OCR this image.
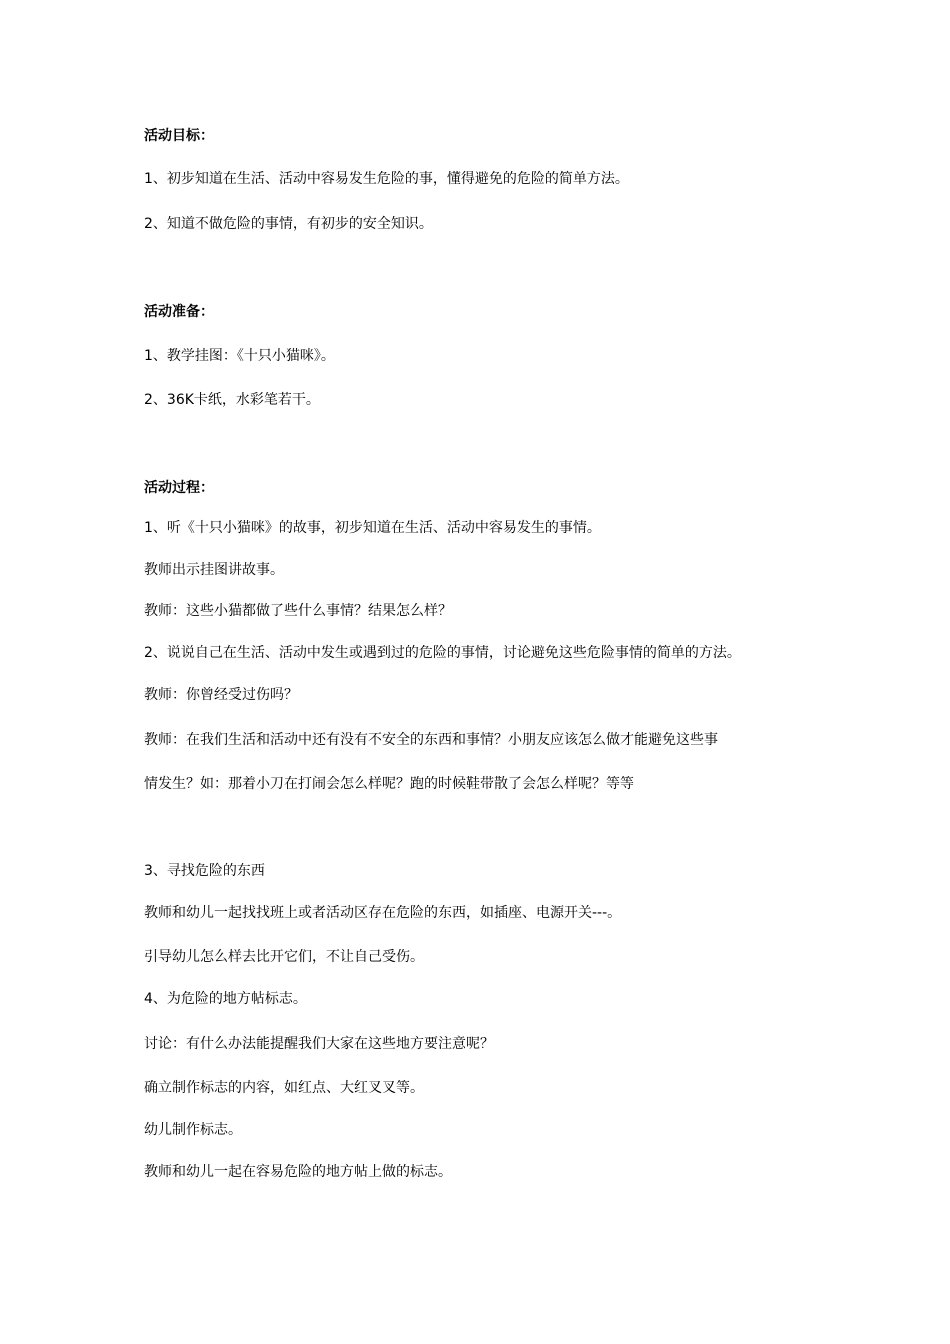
活动目标：

1、初步知道在生活、活动中容易发生危险的事，懂得避免的危险的简单方法。

2、知道不做危险的事情，有初步的安全知识。

活动准备：

1、教学挂图：《十只小猫咪》。

2、36K卡纸，水彩笔若干。

活动过程：

1、听《十只小猫咪》的故事，初步知道在生活、活动中容易发生的事情。

教师出示挂图讲故事。

教师：这些小猫都做了些什么事情？结果怎么样？

2、说说自己在生活、活动中发生或遇到过的危险的事情，讨论避免这些危险事情的简单的方法。

教师：你曾经受过伤吗？

教师：在我们生活和活动中还有没有不安全的东西和事情？小朋友应该怎么做才能避免这些事

情发生？如：那着小刀在打闹会怎么样呢？跑的时候鞋带散了会怎么样呢？等等

3、寻找危险的东西

教师和幼儿一起找找班上或者活动区存在危险的东西，如插座、电源开关---。

引导幼儿怎么样去比开它们，不让自己受伤。

4、为危险的地方帖标志。

讨论：有什么办法能提醒我们大家在这些地方要注意呢？

确立制作标志的内容，如红点、大红叉叉等。

幼儿制作标志。

教师和幼儿一起在容易危险的地方帖上做的标志。
